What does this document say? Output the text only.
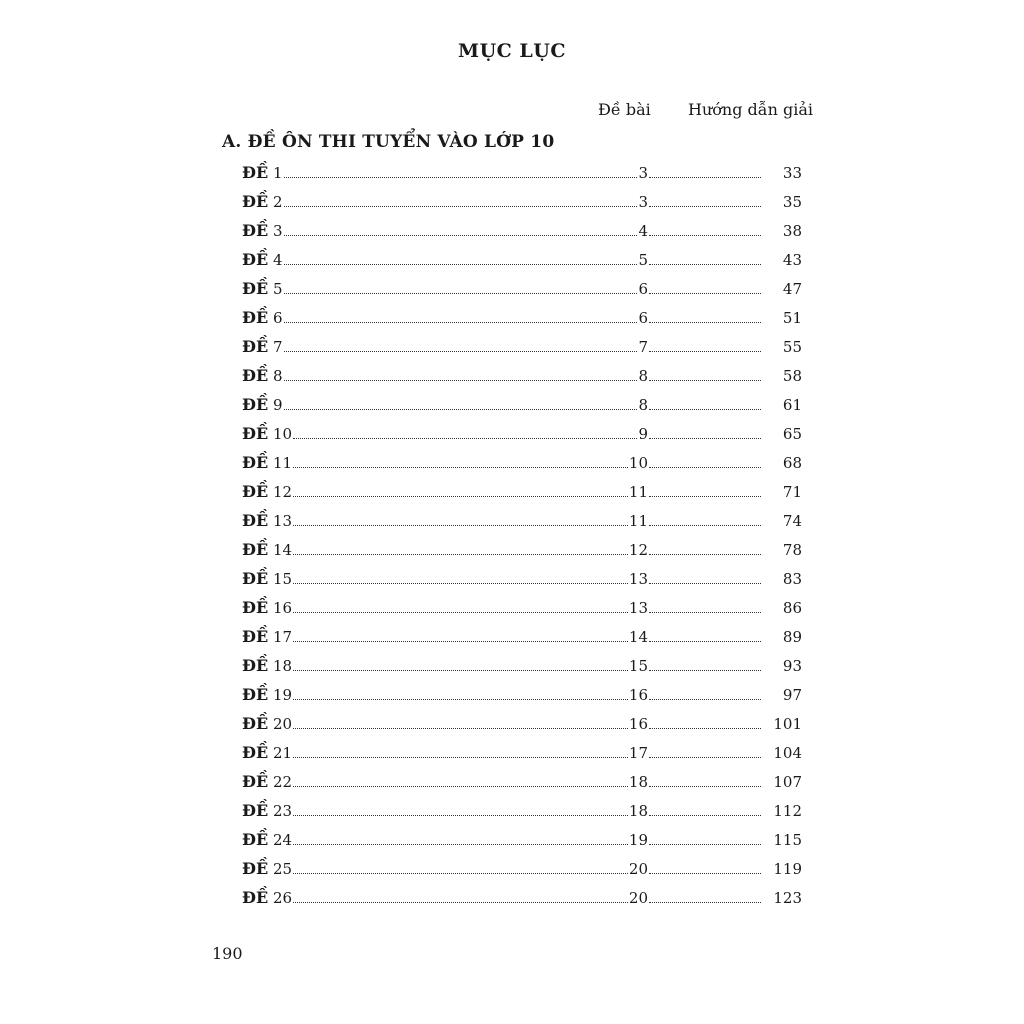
MỤC LỤC
Đề bài Hướng dẫn giải
A. ĐỀ ÔN THI TUYỂN VÀO LỚP 10
ĐỀ 1	3	33
ĐỀ 2	3	35
ĐỀ 3	4	38
ĐỀ 4	5	43
ĐỀ 5	6	47
ĐỀ 6	6	51
ĐỀ 7	7	55
ĐỀ 8	8	58
ĐỀ 9	8	61
ĐỀ 10	9	65
ĐỀ 11	10	68
ĐỀ 12	11	71
ĐỀ 13	11	74
ĐỀ 14	12	78
ĐỀ 15	13	83
ĐỀ 16	13	86
ĐỀ 17	14	89
ĐỀ 18	15	93
ĐỀ 19	16	97
ĐỀ 20	16	101
ĐỀ 21	17	104
ĐỀ 22	18	107
ĐỀ 23	18	112
ĐỀ 24	19	115
ĐỀ 25	20	119
ĐỀ 26	20	123
190
